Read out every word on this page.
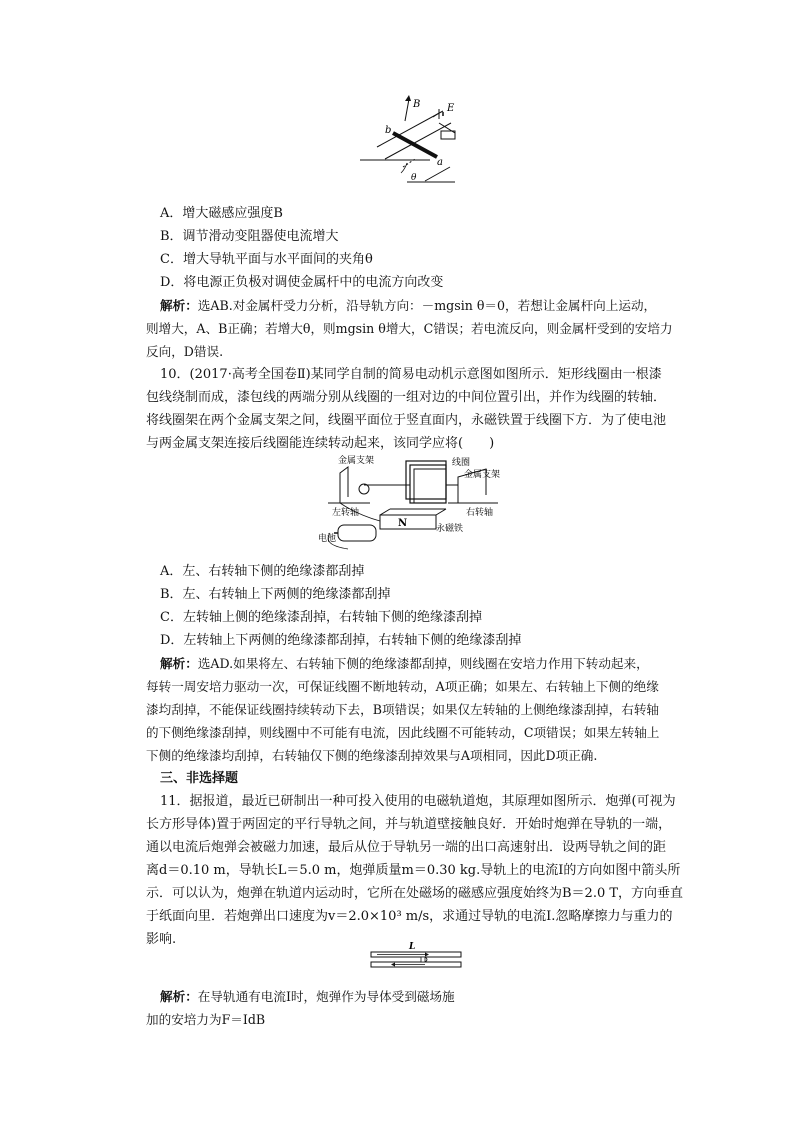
B	E
b
a
θ
A．增大磁感应强度B
B．调节滑动变阻器使电流增大
C．增大导轨平面与水平面间的夹角θ
D．将电源正负极对调使金属杆中的电流方向改变
解析：选AB.对金属杆受力分析，沿导轨方向：－mgsin θ＝0，若想让金属杆向上运动，
则增大，A、B正确；若增大θ，则mgsin θ增大，C错误；若电流反向，则金属杆受到的安培力
反向，D错误.
10．(2017·高考全国卷Ⅱ)某同学自制的简易电动机示意图如图所示．矩形线圈由一根漆
包线绕制而成，漆包线的两端分别从线圈的一组对边的中间位置引出，并作为线圈的转轴．
将线圈架在两个金属支架之间，线圈平面位于竖直面内，永磁铁置于线圈下方．为了使电池
与两金属支架连接后线圈能连续转动起来，该同学应将(　　)
N
金属支架	线圈
金属支架
左转轴	右转轴
永磁铁
电池
A．左、右转轴下侧的绝缘漆都刮掉
B．左、右转轴上下两侧的绝缘漆都刮掉
C．左转轴上侧的绝缘漆刮掉，右转轴下侧的绝缘漆刮掉
D．左转轴上下两侧的绝缘漆都刮掉，右转轴下侧的绝缘漆刮掉
解析：选AD.如果将左、右转轴下侧的绝缘漆都刮掉，则线圈在安培力作用下转动起来，
每转一周安培力驱动一次，可保证线圈不断地转动，A项正确；如果左、右转轴上下侧的绝缘
漆均刮掉，不能保证线圈持续转动下去，B项错误；如果仅左转轴的上侧绝缘漆刮掉，右转轴
的下侧绝缘漆刮掉，则线圈中不可能有电流，因此线圈不可能转动，C项错误；如果左转轴上
下侧的绝缘漆均刮掉，右转轴仅下侧的绝缘漆刮掉效果与A项相同，因此D项正确.
三、非选择题
11．据报道，最近已研制出一种可投入使用的电磁轨道炮，其原理如图所示．炮弹(可视为
长方形导体)置于两固定的平行导轨之间，并与轨道壁接触良好．开始时炮弹在导轨的一端，
通以电流后炮弹会被磁力加速，最后从位于导轨另一端的出口高速射出．设两导轨之间的距
离d＝0.10 m，导轨长L＝5.0 m，炮弹质量m＝0.30 kg.导轨上的电流I的方向如图中箭头所
示．可以认为，炮弹在轨道内运动时，它所在处磁场的磁感应强度始终为B＝2.0 T，方向垂直
于纸面向里．若炮弹出口速度为v＝2.0×10³ m/s，求通过导轨的电流I.忽略摩擦力与重力的
影响.	L
解析：在导轨通有电流I时，炮弹作为导体受到磁场施
加的安培力为F＝IdB
